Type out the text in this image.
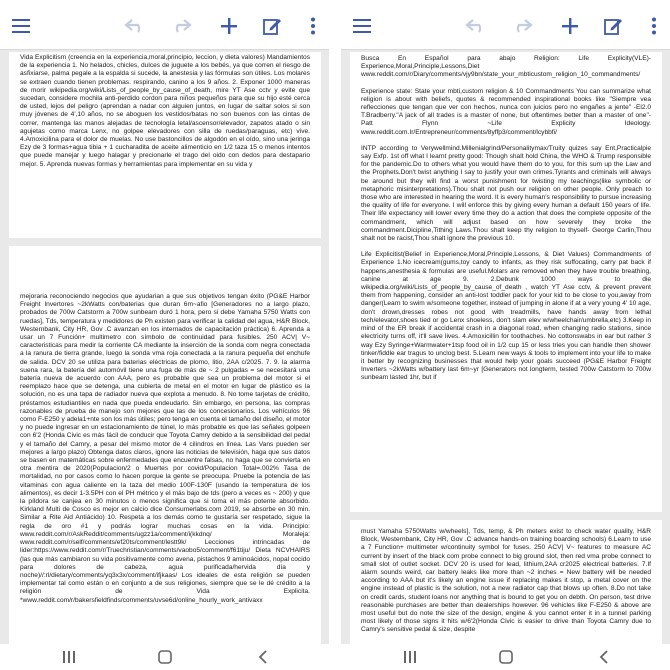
Vida Explicitism (creencia en la experiencia,moral,principio, leccion, y dieta valores) Mandamientos de la experiencia 1. No helados, chicles, dulces de juguete a los bebés, ya que corren el riesgo de asfixiarse, palma pegale a la espalda si sucede, la anestesia y las fórmulas son útiles. Los molares se extraen cuando tienen problemas. respirando, canino a los 9 años. 2. Exponer 1000 maneras de morir wikipedia.org/wiki/Lists_of_people_by_cause_of_death, mire YT Ase cctv y evite que sucedan, considere mochila anti-perdido cordon para niños pequeños para que su hijo esté cerca de usted, lejos del peligro (aprendan a nadar con alguien juntos, en lugar de saltar solos si son muy jóvenes de 4',10 años, no se aboguen los vestidos/batas no son buenos con las cintas de correr, mantenga las manos alejadas de tecnología letal/ascensor/elevador, zapatos atado o sin agujetas como marca Lenx, no golpee elevadores con silla de ruedas/paraguas, etc) vive. 4.Amoxicilina para el dolor de muelas. No use bastoncillos de algodón en el oído, sino una jeringa Ezy de 3 formas+agua tibia + 1 cucharadita de aceite alimenticio en 1/2 taza 15 o menos intentos que puede manejar y luego halagar y precionarle el trago del oido con dedos para destapario mejor. 5. Aprenda nuevas formas y herramientas para implementar en su vida y

mejoraria reconociendo negocios que ayudarian a que sus objetivos tengan éxito (PG&E Harbor Freight Invertores ~2kWatts con/baterias que duran 6m~afio [Generadores no a largo plazo, probados de 700w Catstorm a 700w sunbeam duró 1 hora, pero si debe Yamaha 5750 Watts con ruedas], Tds, temperatura y medidores de Ph existen para verificar la calidad del agua, H&R Block, Westernbank, City HR, Gov .C avanzan en los internados de capacitación práctica) 6. Aprenda a usar un 7 Función+ multimetro con símbolo de continuidad para fusibles. 250 ACV| V~ caracteristicas para medir la corriente CA mediante la inserción de la sonda com negra conectada a la ranura de tierra grande, luego la sonda vma roja conectada a la ranura pequeña del enchufe de salida. DCV 20 se utiliza para baterias eléctricas de plomo, litio, 2AA c/2025. 7. 9. la alarma suena rara, la batería del automóvil tiene una fuga de más de ~ 2 pulgadas = se necesitará una batería nueva de acuerdo con AAA, pero es probable que sea un problema del motor si el reemplazo hace que se detenga, una cubierta de metal en el motor en lugar de plástico es la solución, no es una tapa de radiador nueva que explota a menudo. 8. No tome tarjetas de crédito, préstamos estudiantiles en nada que pueda endeudarlo. Sin embargo, en persona, las compras razonables de prueba de manejo son mejores que las de los concesionarios. Los vehículos 96 como F-E250 y adela1+nte son los más útiles; pero tenga en cuenta el tamaño del diseño, el motor y no puede ingresar en un estacionamiento de túnel, lo más probable es que las señales golpeen con 6'2 (Honda Civic es más fácil de conducir que Toyota Camry debido a la sensibilidad del pedal y el tamaño del Camry, a pesar del mismo motor de 4 cilindros en línea. Las Vans pueden ser mejores a largo plazo) Obtenga datos claros, ignore las noticias de televisión, haga que sus datos se basen en matemáticas sobre enfermedades que encuentre falsas, no haga que se convierta en otra mentira de 2020(Populacion/2 o Muertes por covid/Populacion Total=.002% Tasa de mortalidad, no por casos como lo hacen porque la gente se preocupa. Pruebe la potencia de las vitaminas con agua caliente en la taza del medio 100F-130F (usando la temperatura de los alimentos), es decir 1-3.5PH con el PH métrico y el más bajo de tds (pero a veces es ~ 200) y que la píldora se canjea en 30 minutos o menos significa que si toma el más potente absorbido. Kirkland Multi de Cosco es mejor en calcio dice Consumerlabs.com 2019, se absorbe en 30 min. Similar a Rite Aid Antiácido) 10. Respeta a los demás como te gustaría ser respetado, sigue la regla de oro #1 y podrás lograr muchas cosas en la vida. Principio: www.reddit.com/r/AskReddit/comments/ugzz1a/comment/i(kkdnq/ Moraleja: www.reddit.com/r/self/comments/ef20ts/comment/lestt9k/ Lecciones intrincadas de lider:https://www.reddit.com/r/Truechristian/comments/vaobo5/comment/f61tiju/ Dieta NCVHAIRS (las que más cambiaron su vida positivamente como avena, pistachos 9 aminoácidos, nopal cocido para dolores de cabeza, agua purificada/hervida día y noche)//:rl/dietary/comments/yq3x3x/comment/ifjkaas/ Los ideales de esta religión se pueden implementar tal como están o en conjunto a de sus religiones, siempre que se le dé crédito a la religión de Vida Explicita. *www.reddit.com/r/bakersfieldfinds/comments/uvse6d/online_hourly_work_antivaxx

Busca En Español para abajo Religion: Life Explicity(VLE)-Experience,Moral,Principle,Lessons,Diet www.reddit.com/r/Diary/comments/vjy9bn/state_your_mbticustom_religion_10_commandments/

Experience state: State your mbti,custom religion & 10 Commandments You can summarize what religion is about with beliefs, quotes & recommended inspirational books like "Siempre vea reflecciones que tengan que ver con hechos, nunca con juicios pero no engañes a jente" -El2.0 T.Bradberry."A jack of all trades is a master of none, but oftentimes better than a master of one"-Patt Flynn ~Life Explicity Ideology. www.reddit.com.Ir/Entrepreneur/comments/8yffp3/comment/lcybbfi/

INTP according to Verywellmind.Millenialgrind/Personalitymax/Truity quizes say Ent,Practicalpie say Exfp. 1st off what I learnt pretty good: Though shalt hold China, the WHO & Trump responsible for the pandemic.Do to others what you would have them do to you, for this sum up the Law and the Prophets.Don't twist anything I say to justify your own crimes.Tyrants and criminals will always be around but they will find a worst punishment for twisting my teachings(like symbolic or metaphoric misinterpretations).Thou shalt not push our religion on other people. Only preach to those who are interested in hearing the word. It is every human's responsibility to pursue increasing the quality of life for everyone. I will enforce this by giving every human a default 150 years of life. Their life expectancy will lower every time they do a action that does the complete opposite of the commandment, which will adjust based on how severely they broke the commandment.Dicipline,Tithing Laws.Thou shalt keep thy religion to thyself- George Carlin,Thou shalt not be racist,Thou shalt ignore the previous 10.

Life Explicitist(Belief in Experience,Moral,Principle,Lessons, & Diet Values) Commandments of Experience 1.No icecream(gums,toy candy to infants, as they risk suffocating, carry pat back if happens,anesthesia & formulas are useful.Molars are removed when they have trouble breathing, canine at age 9. 2.Debunk 1000 ways to die wikipedia.org/wiki/Lists_of_people_by_cause_of_death , watch YT Ase cctv, & prevent prevent them from happening, consider an anti-lost toddler pack for your kid to be close to you,away from danger(Learn to swim w/someone together, instead of jumping in alone if at a very young 4' 10 age, don't drown,dresses robes not good with treadmills, have hands away from lethal tech/elevator,shoes tied or go Lenx shoeless, don't slam elev w/wheelchair/umbrella,etc) 3.Keep in mind of the ER break if accidental crash in a diagonal road, when changing radio stations, since electricity turns off, it'll save lives. 4.Amoxicillin for toothaches. No cottonswabs in ear but rather 3 way Ezy Syringe+Warmwater+1tsp food oil in 1/2 cup 15 or less tries you can handle then shower tinker/fiddle ear tragus to unclog best. 5.Learn new ways & tools to implement into your life to make it better by recognizing businesses that would help your goals succeed (PG&E Harbor Freight Inverters ~2kWatts w/battery last 6m~yr [Generators not longterm, tested 700w Catstorm to 700w sunbeam lasted 1hr, but if

must Yamaha 5750Watts w/wheels], Tds, temp, & Ph meters exist to check water quality, H&R Block, Westernbank, City HR, Gov .C advance hands-on training boarding schools) 6.Learn to use a 7 Function+ multimeter w/continuity symbol for fuses. 250 ACV| V~ features to measure AC current by insert of the black com probe connect to big ground slot, then red vma probe connect to small slot of outlet socket. DCV 20 is used for lead, lithium,2AA cr2025 electrical batteries. 7.If alarm sounds weird, car battery leaks like more than ~2 inches = New battery will be needed according to AAA but it's likely an engine issue if replacing makes it stop, a metal cover on the engine instead of plastic is the solution, not a new radiator cap that blows up often. 8.Do not take on credit cards, student loans nor anything that is bound to get you on debth. On person, test drive reasonable purchases are better than dealerships however. 96 vehicles like F-E250 & above are most useful but do note the size of the design, engine & you cannot enter it in a tunnel parking most likely of those signs it hits w/6'2(Honda Civic is easier to drive than Toyota Camry due to Camry's sensitive pedal & size, despite
